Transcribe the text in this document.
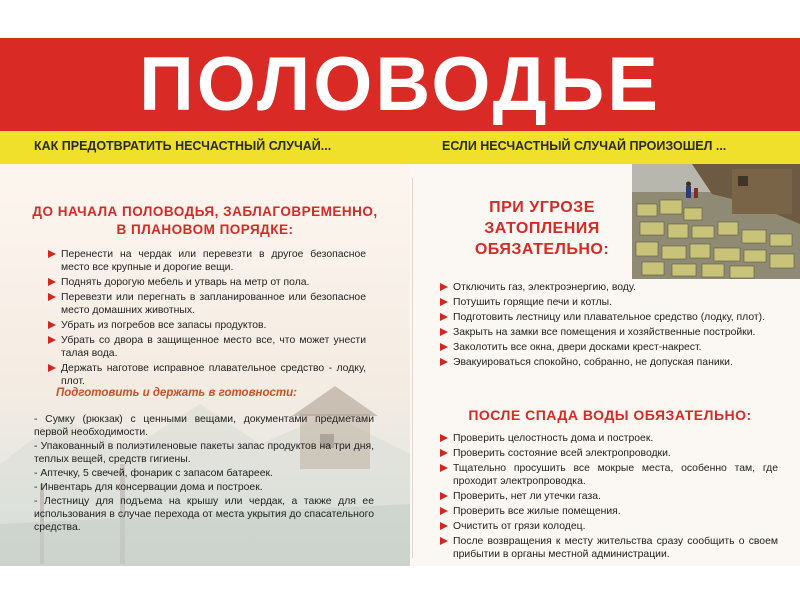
ПОЛОВОДЬЕ
КАК ПРЕДОТВРАТИТЬ НЕСЧАСТНЫЙ СЛУЧАЙ...	ЕСЛИ НЕСЧАСТНЫЙ СЛУЧАЙ ПРОИЗОШЕЛ ...
ДО НАЧАЛА ПОЛОВОДЬЯ, ЗАБЛАГОВРЕМЕННО,
В ПЛАНОВОМ ПОРЯДКЕ:
Перенести на чердак или перевезти в другое безопасное место все крупные и дорогие вещи.
Поднять дорогую мебель и утварь на метр от пола.
Перевезти или перегнать в запланированное или безопасное место домашних животных.
Убрать из погребов все запасы продуктов.
Убрать со двора в защищенное место все, что может унести талая вода.
Держать наготове исправное плавательное средство - лодку, плот.
Подготовить и держать в готовности:
- Сумку (рюкзак) с ценными вещами, документами предметами первой необходимости.
- Упакованный в полиэтиленовые пакеты запас продуктов на три дня, теплых вещей, средств гигиены.
- Аптечку, 5 свечей, фонарик с запасом батареек.
- Инвентарь для консервации дома и построек.
- Лестницу для подъема на крышу или чердак, а также для ее использования в случае перехода от места укрытия до спасательного средства.
ПРИ УГРОЗЕ
ЗАТОПЛЕНИЯ
ОБЯЗАТЕЛЬНО:
Отключить газ, электроэнергию, воду.
Потушить горящие печи и котлы.
Подготовить лестницу или плавательное средство (лодку, плот).
Закрыть на замки все помещения и хозяйственные постройки.
Заколотить все окна, двери досками крест-накрест.
Эвакуироваться спокойно, собранно, не допуская паники.
ПОСЛЕ СПАДА ВОДЫ ОБЯЗАТЕЛЬНО:
Проверить целостность дома и построек.
Проверить состояние всей электропроводки.
Тщательно просушить все мокрые места, особенно там, где проходит электропроводка.
Проверить, нет ли утечки газа.
Проверить все жилые помещения.
Очистить от грязи колодец.
После возвращения к месту жительства сразу сообщить о своем прибытии в органы местной администрации.
